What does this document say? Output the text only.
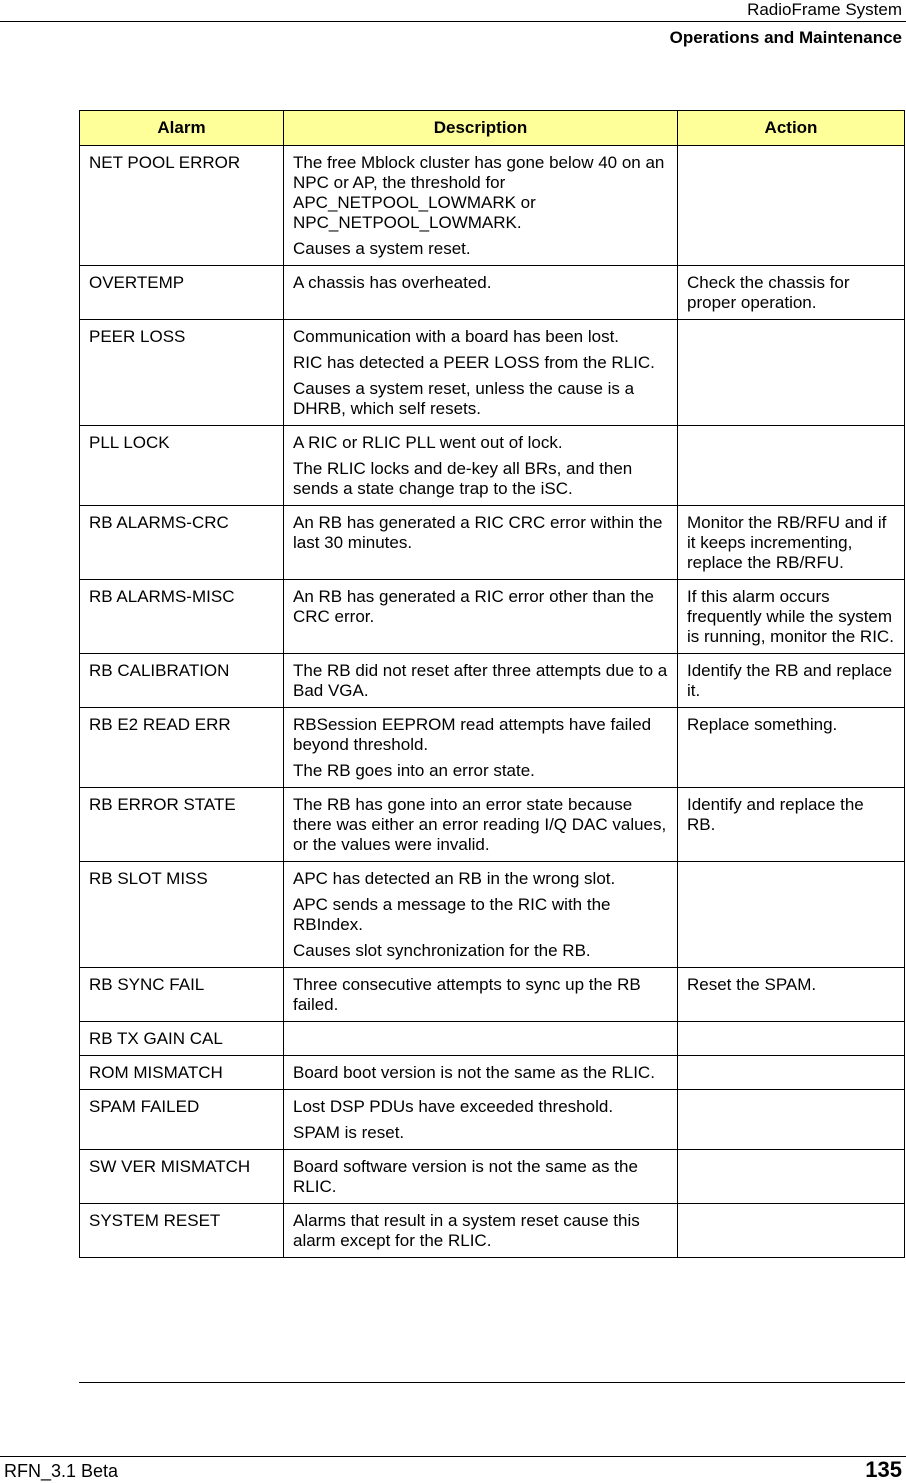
RadioFrame System
Operations and Maintenance
Alarm	Description	Action
NET POOL ERROR	The free Mblock cluster has gone below 40 on an NPC or AP, the threshold for APC_NETPOOL_LOWMARK or NPC_NETPOOL_LOWMARK.

Causes a system reset.	

OVERTEMP	A chassis has overheated.	Check the chassis for proper operation.

PEER LOSS	Communication with a board has been lost.

RIC has detected a PEER LOSS from the RLIC.

Causes a system reset, unless the cause is a DHRB, which self resets.	

PLL LOCK	A RIC or RLIC PLL went out of lock.

The RLIC locks and de-key all BRs, and then sends a state change trap to the iSC.	

RB ALARMS-CRC	An RB has generated a RIC CRC error within the last 30 minutes.	Monitor the RB/RFU and if it keeps incrementing, replace the RB/RFU.

RB ALARMS-MISC	An RB has generated a RIC error other than the CRC error.	If this alarm occurs frequently while the system is running, monitor the RIC.

RB CALIBRATION	The RB did not reset after three attempts due to a Bad VGA.	Identify the RB and replace it.

RB E2 READ ERR	RBSession EEPROM read attempts have failed beyond threshold.

The RB goes into an error state.	Replace something.

RB ERROR STATE	The RB has gone into an error state because there was either an error reading I/Q DAC values, or the values were invalid.	Identify and replace the RB.

RB SLOT MISS	APC has detected an RB in the wrong slot.

APC sends a message to the RIC with the RBIndex.

Causes slot synchronization for the RB.	

RB SYNC FAIL	Three consecutive attempts to sync up the RB failed.	Reset the SPAM.

RB TX GAIN CAL		
ROM MISMATCH	Board boot version is not the same as the RLIC.	

SPAM FAILED	Lost DSP PDUs have exceeded threshold.

SPAM is reset.	

SW VER MISMATCH	Board software version is not the same as the RLIC.	

SYSTEM RESET	Alarms that result in a system reset cause this alarm except for the RLIC.	

RFN_3.1 Beta	135
